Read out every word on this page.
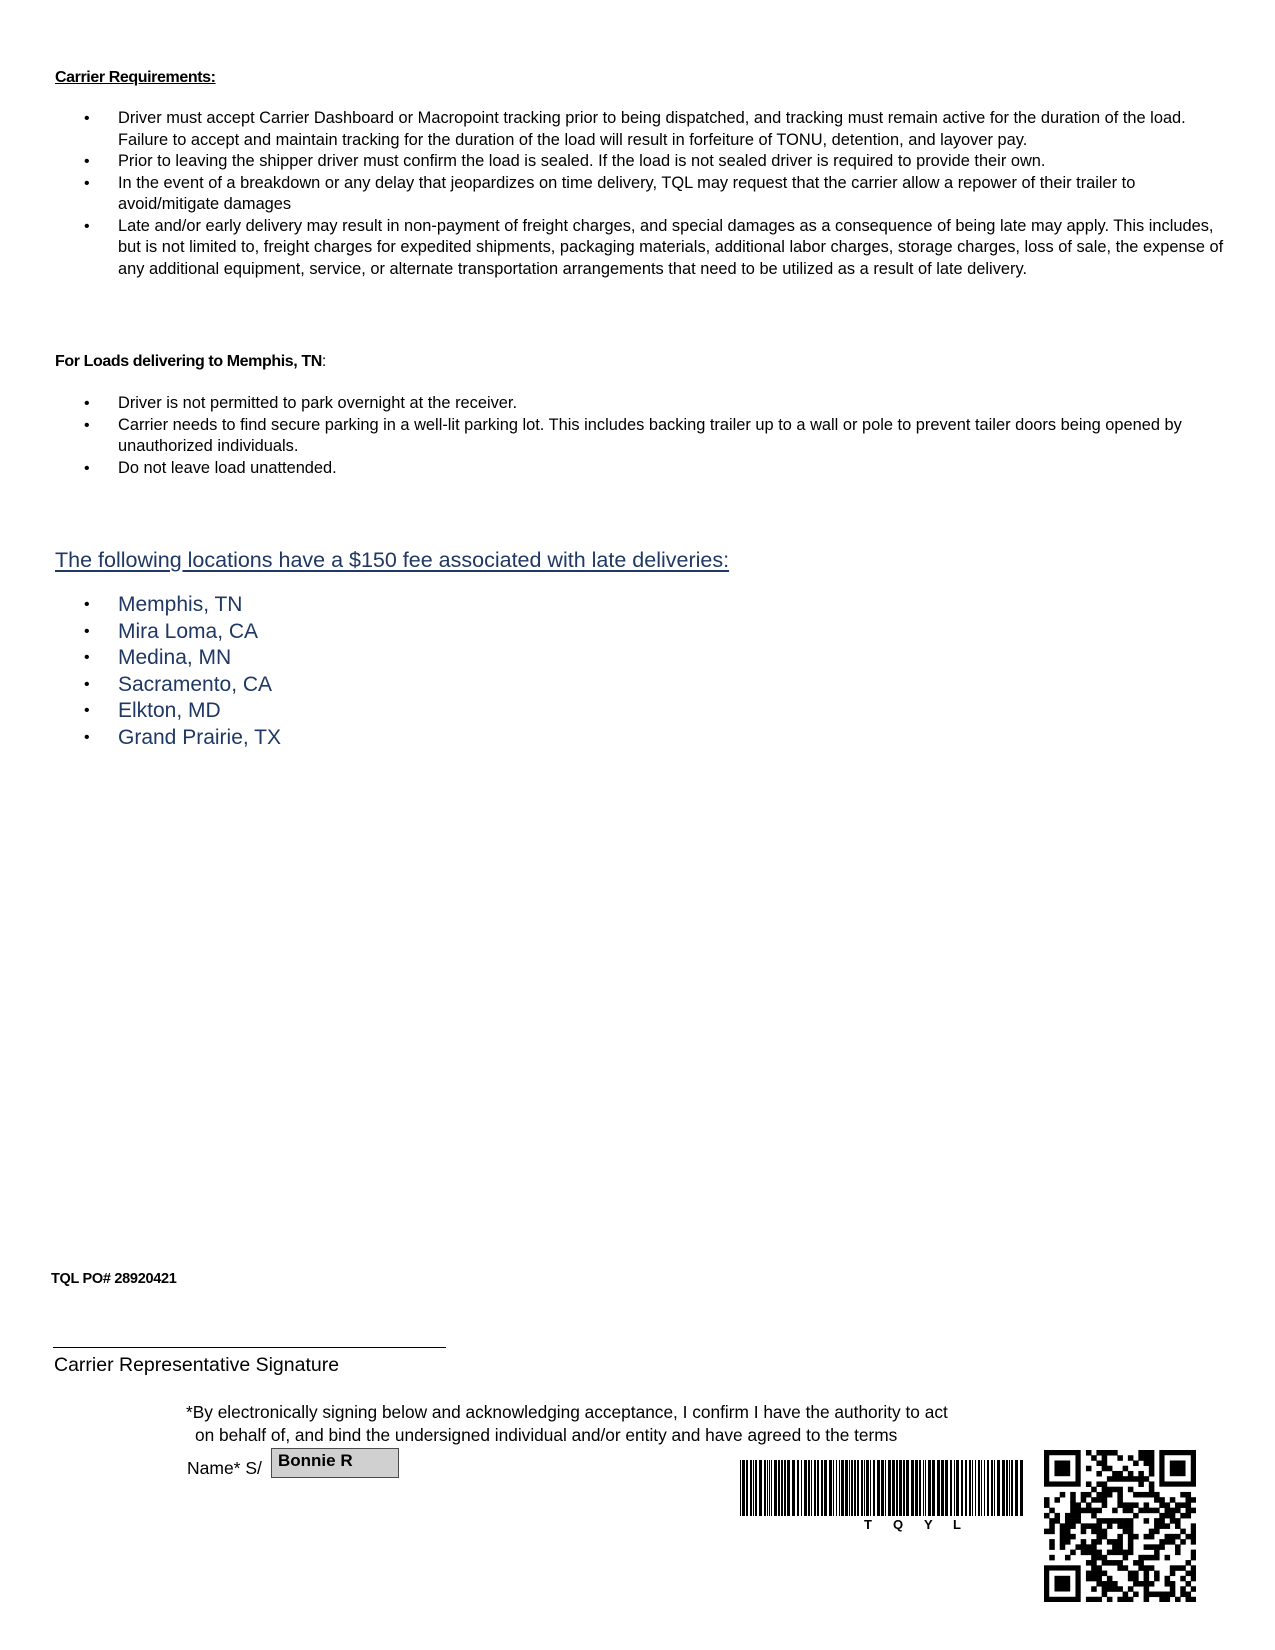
Carrier Requirements:
• Driver must accept Carrier Dashboard or Macropoint tracking prior to being dispatched, and tracking must remain active for the duration of the load. Failure to accept and maintain tracking for the duration of the load will result in forfeiture of TONU, detention, and layover pay.
• Prior to leaving the shipper driver must confirm the load is sealed. If the load is not sealed driver is required to provide their own.
• In the event of a breakdown or any delay that jeopardizes on time delivery, TQL may request that the carrier allow a repower of their trailer to avoid/mitigate damages
• Late and/or early delivery may result in non-payment of freight charges, and special damages as a consequence of being late may apply. This includes, but is not limited to, freight charges for expedited shipments, packaging materials, additional labor charges, storage charges, loss of sale, the expense of any additional equipment, service, or alternate transportation arrangements that need to be utilized as a result of late delivery.
For Loads delivering to Memphis, TN:
• Driver is not permitted to park overnight at the receiver.
• Carrier needs to find secure parking in a well-lit parking lot. This includes backing trailer up to a wall or pole to prevent tailer doors being opened by unauthorized individuals.
• Do not leave load unattended.
The following locations have a $150 fee associated with late deliveries:
• Memphis, TN
• Mira Loma, CA
• Medina, MN
• Sacramento, CA
• Elkton, MD
• Grand Prairie, TX
TQL PO# 28920421
Carrier Representative Signature
*By electronically signing below and acknowledging acceptance, I confirm I have the authority to act
on behalf of, and bind the undersigned individual and/or entity and have agreed to the terms
Name* S/ Bonnie R
T Q Y L
